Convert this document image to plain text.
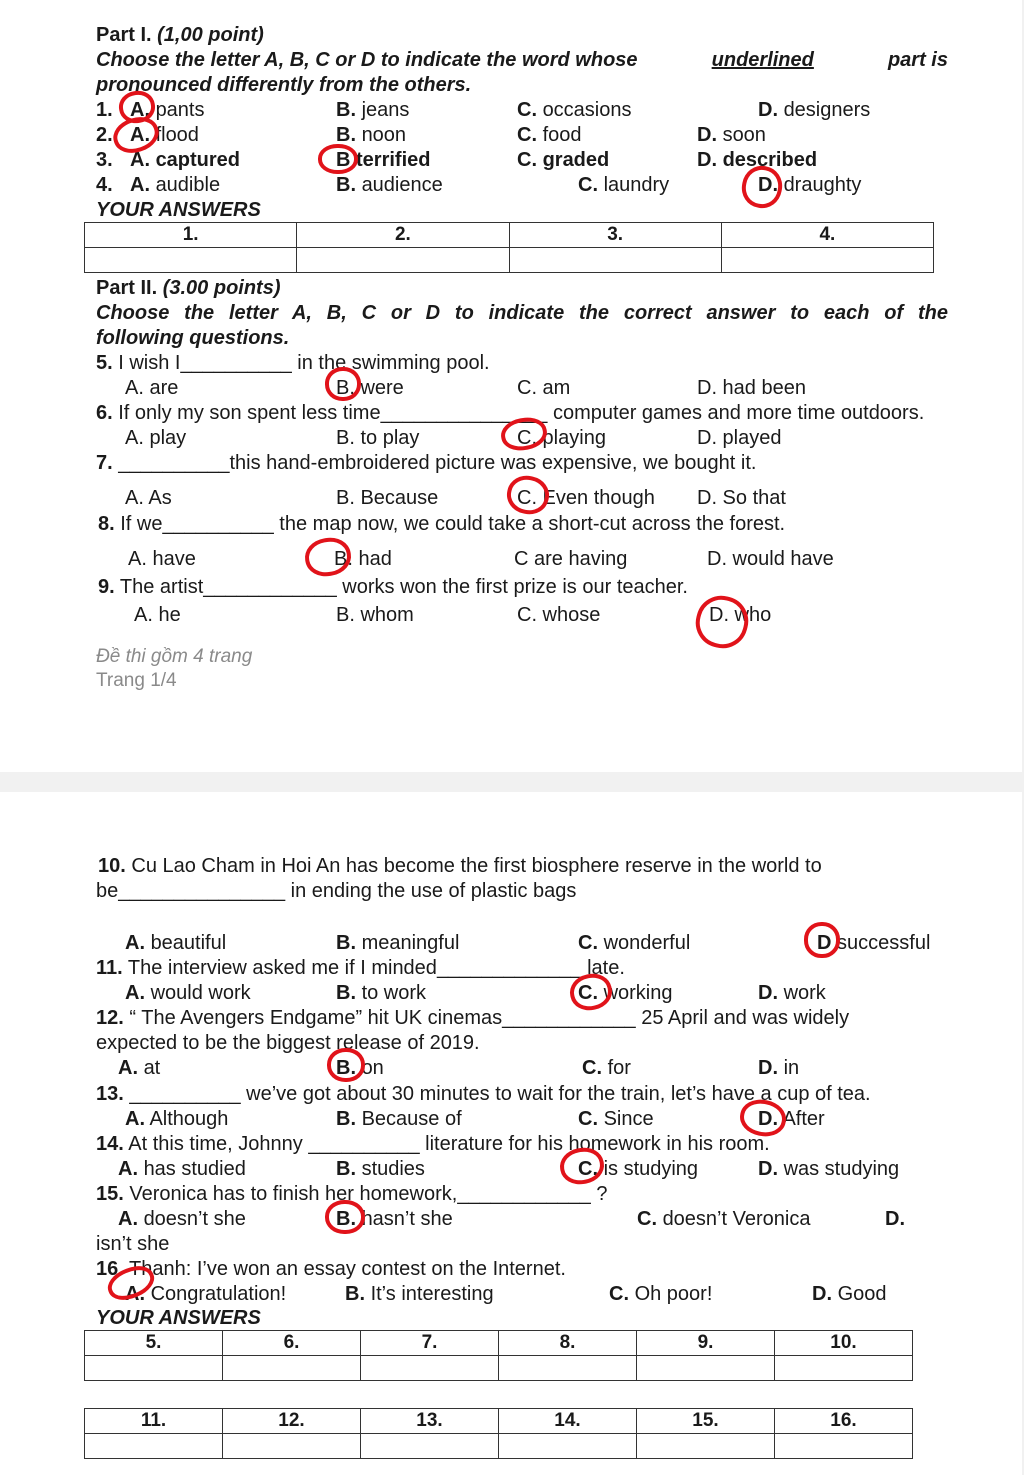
Part I. (1,00 point)
Choose the letter A, B, C or D to indicate the word whose	underlined	part is
pronounced differently from the others.
1. A. pants	B. jeans	C. occasions	D. designers
2. A. flood	B. noon	C. food	D. soon
3. A. captured	B terrified	C. graded	D. described
4. A. audible	B. audience	C. laundry	D. draughty
YOUR ANSWERS
1.	2.	3.	4.

Part II. (3.00 points)
Choose the letter A, B, C or D to indicate the correct answer to each of the
following questions.
5. I wish I__________ in the swimming pool.
A. are	B. were	C. am	D. had been
6. If only my son spent less time_______________ computer games and more time outdoors.
A. play	B. to play	C. playing	D. played
7. __________this hand-embroidered picture was expensive, we bought it.
A. As	B. Because	C. Even though D. So that
8. If we__________ the map now, we could take a short-cut across the forest.
A. have	B. had	C are having	D. would have
9. The artist____________ works won the first prize is our teacher.
A. he	B. whom	C. whose	D. who
Đề thi gồm 4 trang
Trang 1/4
10. Cu Lao Cham in Hoi An has become the first biosphere reserve in the world to
be_______________ in ending the use of plastic bags
A. beautiful	B. meaningful	C. wonderful	D successful
11. The interview asked me if I minded_____________ late.
A. would work	B. to work	C. working	D. work
12. “ The Avengers Endgame” hit UK cinemas____________ 25 April and was widely
expected to be the biggest release of 2019.
A. at	B. on	C. for	D. in
13. __________ we’ve got about 30 minutes to wait for the train, let’s have a cup of tea.
A. Although	B. Because of	C. Since	D. After
14. At this time, Johnny __________ literature for his homework in his room.
A. has studied	B. studies	C. is studying	D. was studying
15. Veronica has to finish her homework,____________ ?
A. doesn’t she	B. hasn’t she	C. doesn’t Veronica	D.
isn’t she
16. Thanh: I’ve won an essay contest on the Internet.
A. Congratulation!	B. It’s interesting	C. Oh poor!	D. Good
YOUR ANSWERS
5.	6.	7.	8.	9.	10.

11.	12.	13.	14.	15.	16.
